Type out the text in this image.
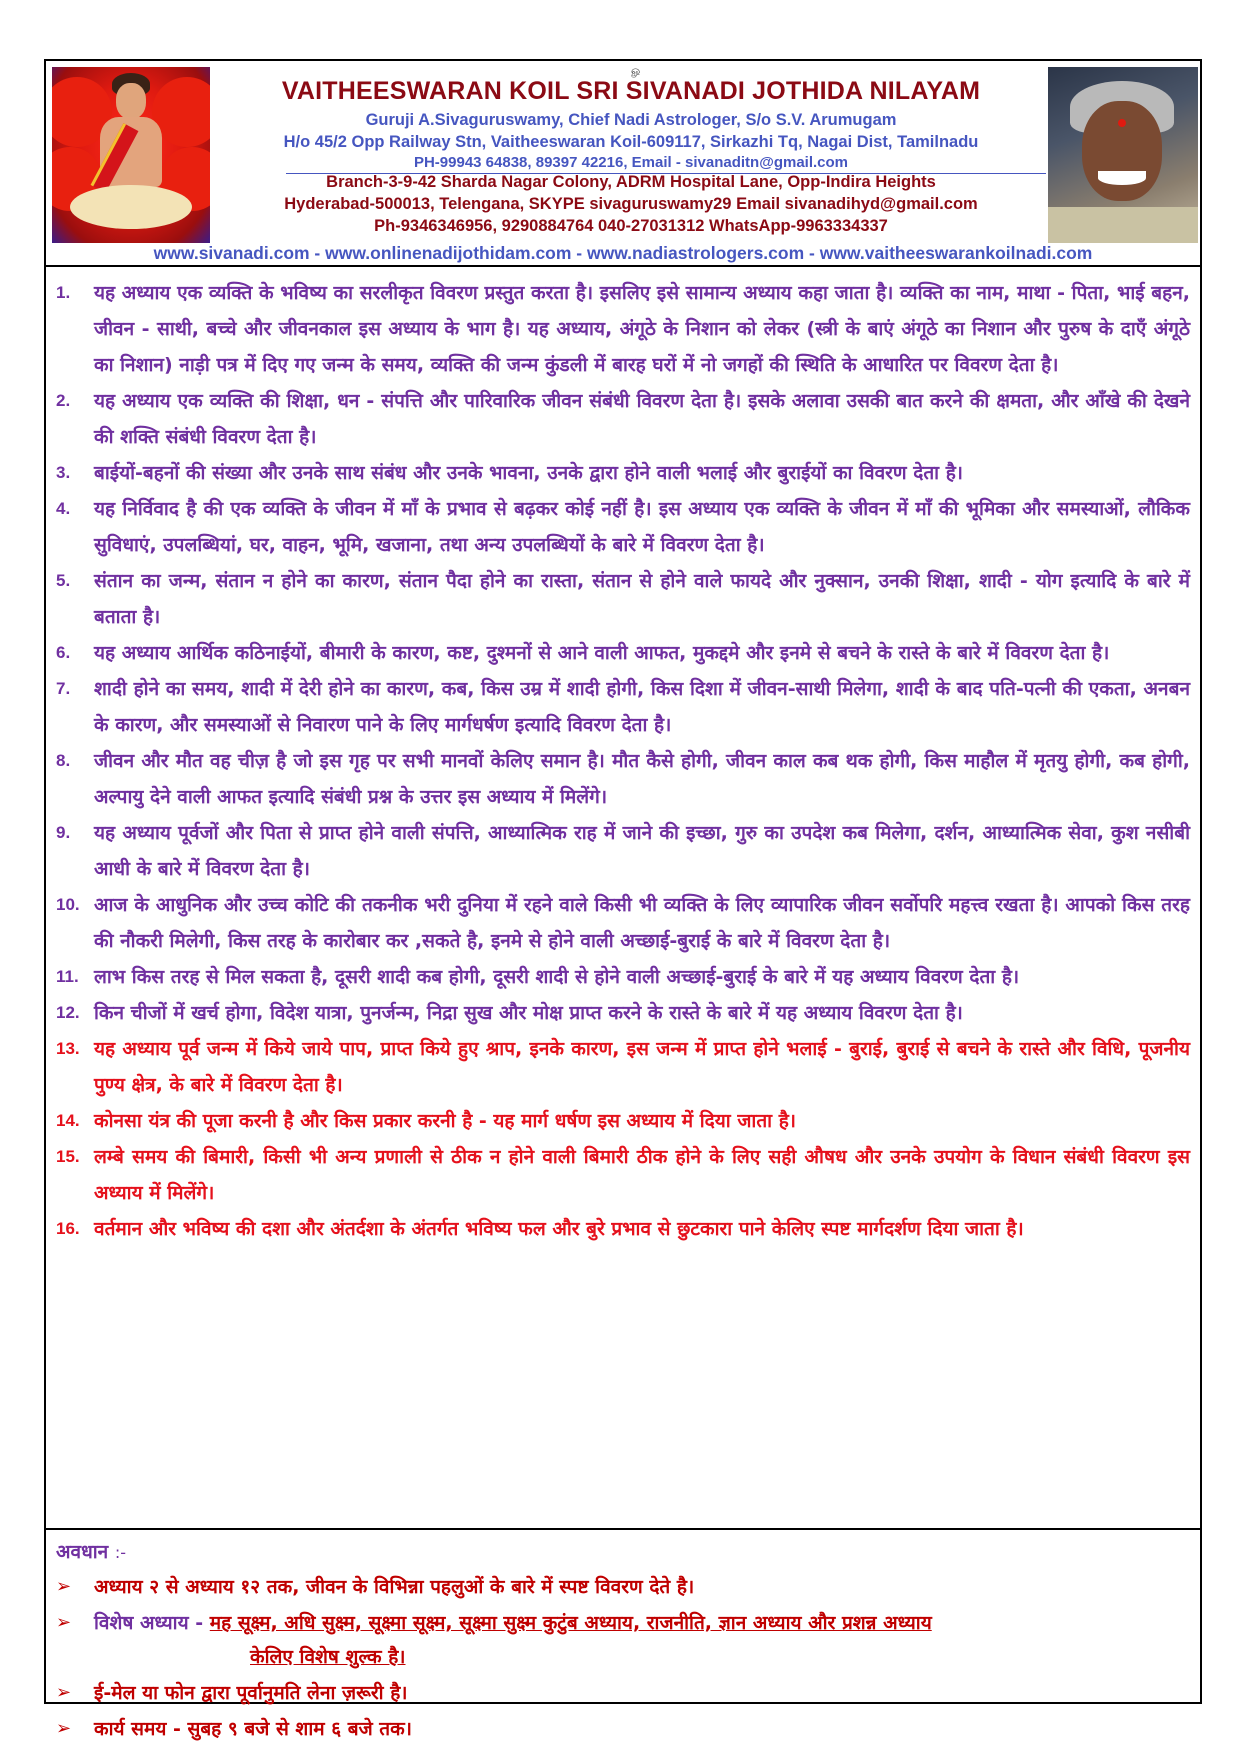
ௐ
VAITHEESWARAN KOIL SRI SIVANADI JOTHIDA NILAYAM
Guruji A.Sivaguruswamy, Chief Nadi Astrologer, S/o S.V. Arumugam
H/o 45/2 Opp Railway Stn, Vaitheeswaran Koil-609117, Sirkazhi Tq, Nagai Dist, Tamilnadu
PH-99943 64838, 89397 42216, Email - sivanaditn@gmail.com
Branch-3-9-42 Sharda Nagar Colony, ADRM Hospital Lane, Opp-Indira Heights
Hyderabad-500013, Telengana, SKYPE sivaguruswamy29 Email sivanadihyd@gmail.com
Ph-9346346956, 9290884764 040-27031312 WhatsApp-9963334337
www.sivanadi.com - www.onlinenadijothidam.com - www.nadiastrologers.com - www.vaitheeswarankoilnadi.com
1. यह अध्याय एक व्यक्ति के भविष्य का सरलीकृत विवरण प्रस्तुत करता है। इसलिए इसे सामान्य अध्याय कहा जाता है। व्यक्ति का नाम, माथा - पिता, भाई बहन, जीवन - साथी, बच्चे और जीवनकाल इस अध्याय के भाग है। यह अध्याय, अंगूठे के निशान को लेकर (स्त्री के बाएं अंगूठे का निशान और पुरुष के दाएँ अंगूठे का निशान) नाड़ी पत्र में दिए गए जन्म के समय, व्यक्ति की जन्म कुंडली में बारह घरों में नो जगहों की स्थिति के आधारित पर विवरण देता है।
2. यह अध्याय एक व्यक्ति की शिक्षा, धन - संपत्ति और पारिवारिक जीवन संबंधी विवरण देता है। इसके अलावा उसकी बात करने की क्षमता, और आँखे की देखने की शक्ति संबंधी विवरण देता है।
3. बाईयों-बहनों की संख्या और उनके साथ संबंध और उनके भावना, उनके द्वारा होने वाली भलाई और बुराईयों का विवरण देता है।
4. यह निर्विवाद है की एक व्यक्ति के जीवन में माँ के प्रभाव से बढ़कर कोई नहीं है। इस अध्याय एक व्यक्ति के जीवन में माँ की भूमिका और समस्याओं, लौकिक सुविधाएं, उपलब्धियां, घर, वाहन, भूमि, खजाना, तथा अन्य उपलब्धियों के बारे में विवरण देता है।
5. संतान का जन्म, संतान न होने का कारण, संतान पैदा होने का रास्ता, संतान से होने वाले फायदे और नुक्सान, उनकी शिक्षा, शादी - योग इत्यादि के बारे में बताता है।
6. यह अध्याय आर्थिक कठिनाईयों, बीमारी के कारण, कष्ट, दुश्मनों से आने वाली आफत, मुकद्दमे और इनमे से बचने के रास्ते के बारे में विवरण देता है।
7. शादी होने का समय, शादी में देरी होने का कारण, कब, किस उम्र में शादी होगी, किस दिशा में जीवन-साथी मिलेगा, शादी के बाद पति-पत्नी की एकता, अनबन के कारण, और समस्याओं से निवारण पाने के लिए मार्गधर्षण इत्यादि विवरण देता है।
8. जीवन और मौत वह चीज़ है जो इस गृह पर सभी मानवों केलिए समान है। मौत कैसे होगी, जीवन काल कब थक होगी, किस माहौल में मृतयु होगी, कब होगी, अल्पायु देने वाली आफत इत्यादि संबंधी प्रश्न के उत्तर इस अध्याय में मिलेंगे।
9. यह अध्याय पूर्वजों और पिता से प्राप्त होने वाली संपत्ति, आध्यात्मिक राह में जाने की इच्छा, गुरु का उपदेश कब मिलेगा, दर्शन, आध्यात्मिक सेवा, कुश नसीबी आधी के बारे में विवरण देता है।
10. आज के आधुनिक और उच्च कोटि की तकनीक भरी दुनिया में रहने वाले किसी भी व्यक्ति के लिए व्यापारिक जीवन सर्वोपरि महत्त्व रखता है। आपको किस तरह की नौकरी मिलेगी, किस तरह के कारोबार कर ,सकते है, इनमे से होने वाली अच्छाई-बुराई के बारे में विवरण देता है।
11. लाभ किस तरह से मिल सकता है, दूसरी शादी कब होगी, दूसरी शादी से होने वाली अच्छाई-बुराई के बारे में यह अध्याय विवरण देता है।
12. किन चीजों में खर्च होगा, विदेश यात्रा, पुनर्जन्म, निद्रा सुख और मोक्ष प्राप्त करने के रास्ते के बारे में यह अध्याय विवरण देता है।
13. यह अध्याय पूर्व जन्म में किये जाये पाप, प्राप्त किये हुए श्राप, इनके कारण, इस जन्म में प्राप्त होने भलाई - बुराई, बुराई से बचने के रास्ते और विधि, पूजनीय पुण्य क्षेत्र, के बारे में विवरण देता है।
14. कोनसा यंत्र की पूजा करनी है और किस प्रकार करनी है - यह मार्ग धर्षण इस अध्याय में दिया जाता है।
15. लम्बे समय की बिमारी, किसी भी अन्य प्रणाली से ठीक न होने वाली बिमारी ठीक होने के लिए सही औषध और उनके उपयोग के विधान संबंधी विवरण इस अध्याय में मिलेंगे।
16. वर्तमान और भविष्य की दशा और अंतर्दशा के अंतर्गत भविष्य फल और बुरे प्रभाव से छुटकारा पाने केलिए स्पष्ट मार्गदर्शण दिया जाता है।
अवधान :-
➢ अध्याय २ से अध्याय १२ तक, जीवन के विभिन्ना पहलुओं के बारे में स्पष्ट विवरण देते है।
➢ विशेष अध्याय - मह सूक्ष्म, अधि सुक्ष्म, सूक्ष्मा सूक्ष्म, सूक्ष्मा सुक्ष्म कुटुंब अध्याय, राजनीति, ज्ञान अध्याय और प्रशन्न अध्याय
केलिए विशेष शुल्क है।
➢ ई-मेल या फोन द्वारा पूर्वानुमति लेना ज़रूरी है।
➢ कार्य समय - सुबह ९ बजे से शाम ६ बजे तक।
